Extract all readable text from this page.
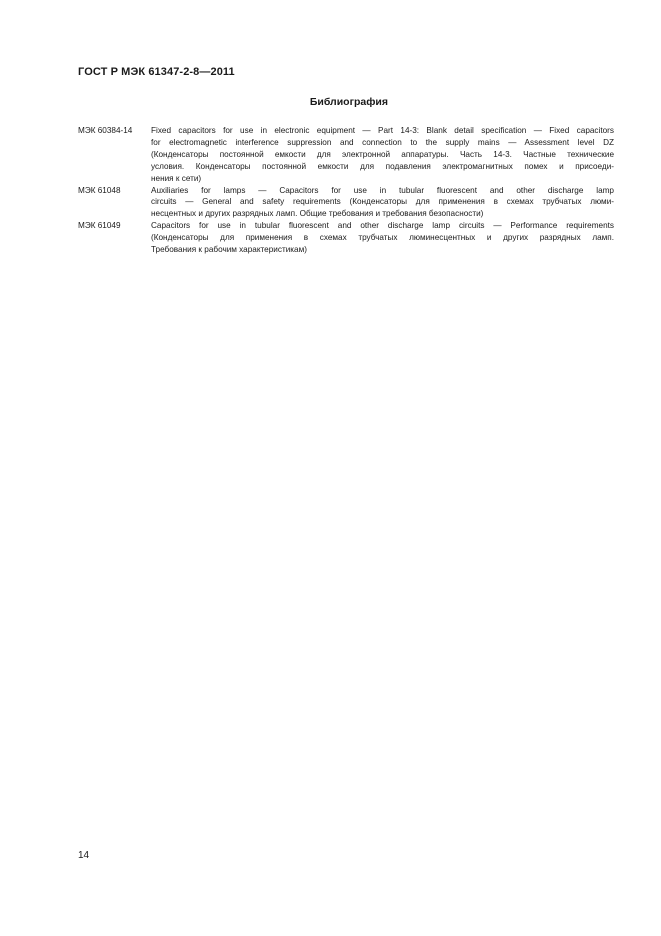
ГОСТ Р МЭК 61347-2-8—2011
Библиография
МЭК 60384-14	Fixed capacitors for use in electronic equipment — Part 14-3: Blank detail specification — Fixed capacitors
for electromagnetic interference suppression and connection to the supply mains — Assessment level DZ
(Конденсаторы постоянной емкости для электронной аппаратуры. Часть 14-3. Частные технические
условия. Конденсаторы постоянной емкости для подавления электромагнитных помех и присоеди-
нения к сети)
МЭК 61048	Auxiliaries for lamps — Capacitors for use in tubular fluorescent and other discharge lamp
circuits — General and safety requirements (Конденсаторы для применения в схемах трубчатых люми-
несцентных и других разрядных ламп. Общие требования и требования безопасности)
МЭК 61049	Capacitors for use in tubular fluorescent and other discharge lamp circuits — Performance requirements
(Конденсаторы для применения в схемах трубчатых люминесцентных и других разрядных ламп.
Требования к рабочим характеристикам)
14
